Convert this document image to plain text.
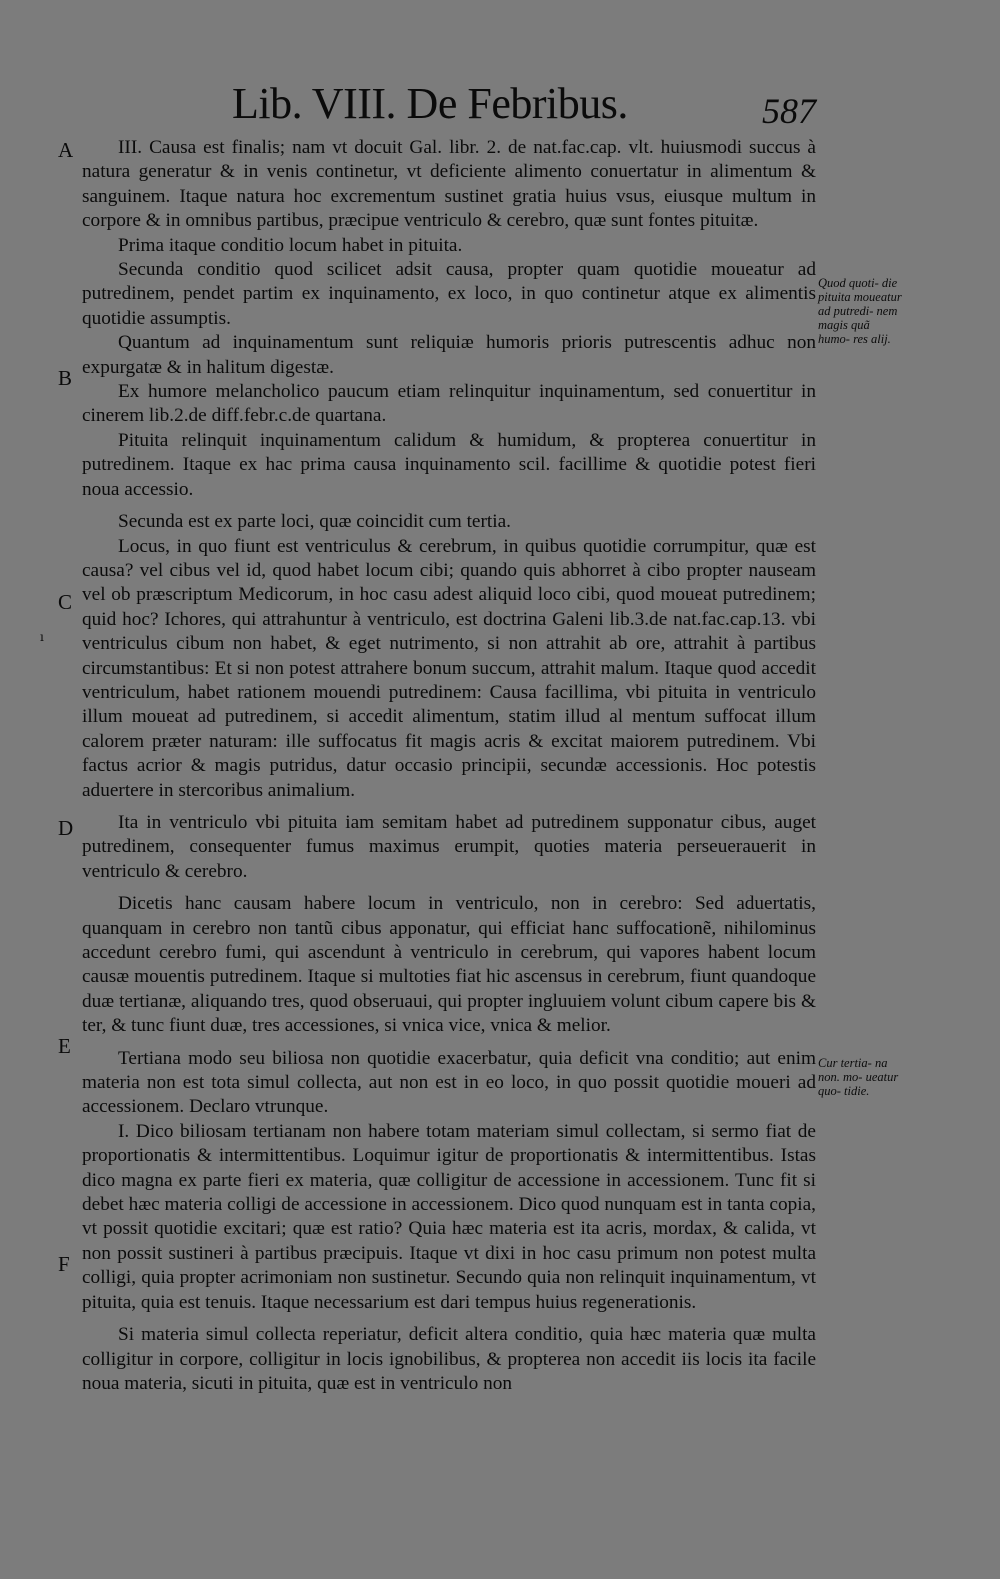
Lib. VIII. De Febribus.	587
A
B
C
D
E
F
Quod quoti- die pituita moueatur ad putredi- nem magis quã humo- res alij.
Cur tertia- na non. mo- ueatur quo- tidie.
ı

III. Causa est finalis; nam vt docuit Gal. libr. 2. de nat.fac.cap. vlt. huiusmodi succus à natura generatur & in venis continetur, vt deficiente alimento conuertatur in alimentum & sanguinem. Itaque natura hoc excrementum sustinet gratia huius vsus, eiusque multum in corpore & in omnibus partibus, præcipue ventriculo & cerebro, quæ sunt fontes pituitæ.

Prima itaque conditio locum habet in pituita.

Secunda conditio quod scilicet adsit causa, propter quam quotidie moueatur ad putredinem, pendet partim ex inquinamento, ex loco, in quo continetur atque ex alimentis quotidie assumptis.

Quantum ad inquinamentum sunt reliquiæ humoris prioris putrescentis adhuc non expurgatæ & in halitum digestæ.

Ex humore melancholico paucum etiam relinquitur inquinamentum, sed conuertitur in cinerem lib.2.de diff.febr.c.de quartana.

Pituita relinquit inquinamentum calidum & humidum, & propterea conuertitur in putredinem. Itaque ex hac prima causa inquinamento scil. facillime & quotidie potest fieri noua accessio.

Secunda est ex parte loci, quæ coincidit cum tertia.

Locus, in quo fiunt est ventriculus & cerebrum, in quibus quotidie corrumpitur, quæ est causa? vel cibus vel id, quod habet locum cibi; quando quis abhorret à cibo propter nauseam vel ob præscriptum Medicorum, in hoc casu adest aliquid loco cibi, quod moueat putredinem; quid hoc? Ichores, qui attrahuntur à ventriculo, est doctrina Galeni lib.3.de nat.fac.cap.13. vbi ventriculus cibum non habet, & eget nutrimento, si non attrahit ab ore, attrahit à partibus circumstantibus: Et si non potest attrahere bonum succum, attrahit malum. Itaque quod accedit ventriculum, habet rationem mouendi putredinem: Causa facillima, vbi pituita in ventriculo illum moueat ad putredinem, si accedit alimentum, statim illud al mentum suffocat illum calorem præter naturam: ille suffocatus fit magis acris & excitat maiorem putredinem. Vbi factus acrior & magis putridus, datur occasio principii, secundæ accessionis. Hoc potestis aduertere in stercoribus animalium.

Ita in ventriculo vbi pituita iam semitam habet ad putredinem supponatur cibus, auget putredinem, consequenter fumus maximus erumpit, quoties materia perseuerauerit in ventriculo & cerebro.

Dicetis hanc causam habere locum in ventriculo, non in cerebro: Sed aduertatis, quanquam in cerebro non tantũ cibus apponatur, qui efficiat hanc suffocationẽ, nihilominus accedunt cerebro fumi, qui ascendunt à ventriculo in cerebrum, qui vapores habent locum causæ mouentis putredinem. Itaque si multoties fiat hic ascensus in cerebrum, fiunt quandoque duæ tertianæ, aliquando tres, quod obseruaui, qui propter ingluuiem volunt cibum capere bis & ter, & tunc fiunt duæ, tres accessiones, si vnica vice, vnica & melior.

Tertiana modo seu biliosa non quotidie exacerbatur, quia deficit vna conditio; aut enim materia non est tota simul collecta, aut non est in eo loco, in quo possit quotidie moueri ad accessionem. Declaro vtrunque.

I. Dico biliosam tertianam non habere totam materiam simul collectam, si sermo fiat de proportionatis & intermittentibus. Loquimur igitur de proportionatis & intermittentibus. Istas dico magna ex parte fieri ex materia, quæ colligitur de accessione in accessionem. Tunc fit si debet hæc materia colligi de accessione in accessionem. Dico quod nunquam est in tanta copia, vt possit quotidie excitari; quæ est ratio? Quia hæc materia est ita acris, mordax, & calida, vt non possit sustineri à partibus præcipuis. Itaque vt dixi in hoc casu primum non potest multa colligi, quia propter acrimoniam non sustinetur. Secundo quia non relinquit inquinamentum, vt pituita, quia est tenuis. Itaque necessarium est dari tempus huius regenerationis.

Si materia simul collecta reperiatur, deficit altera conditio, quia hæc materia quæ multa colligitur in corpore, colligitur in locis ignobilibus, & propterea non accedit iis locis ita facile noua materia, sicuti in pituita, quæ est in ventriculo non
